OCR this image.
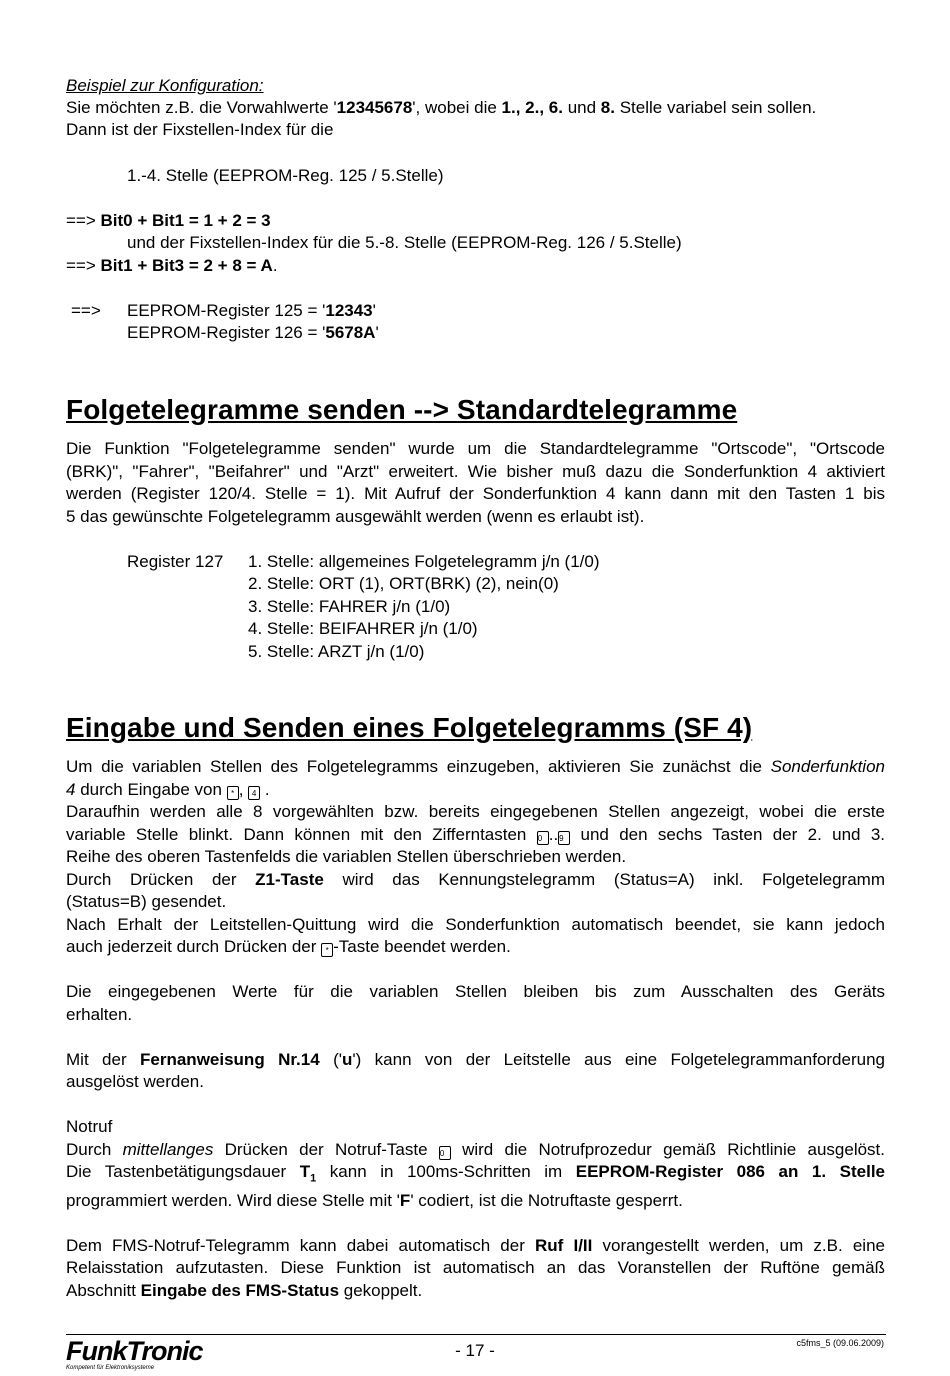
Beispiel zur Konfiguration:
Sie möchten z.B. die Vorwahlwerte '12345678', wobei die 1., 2., 6. und 8. Stelle variabel sein sollen.
Dann ist der Fixstellen-Index für die
1.-4. Stelle (EEPROM-Reg. 125 / 5.Stelle)
==> Bit0 + Bit1 = 1 + 2 = 3
und der Fixstellen-Index für die 5.-8. Stelle (EEPROM-Reg. 126 / 5.Stelle)
==> Bit1 + Bit3 = 2 + 8 = A.
==> EEPROM-Register 125 = '12343'
EEPROM-Register 126 = '5678A'
Folgetelegramme senden --> Standardtelegramme
Die Funktion "Folgetelegramme senden" wurde um die Standardtelegramme "Ortscode", "Ortscode
(BRK)", "Fahrer", "Beifahrer" und "Arzt" erweitert. Wie bisher muß dazu die Sonderfunktion 4 aktiviert
werden (Register 120/4. Stelle = 1). Mit Aufruf der Sonderfunktion 4 kann dann mit den Tasten 1 bis
5 das gewünschte Folgetelegramm ausgewählt werden (wenn es erlaubt ist).
Register 127 1. Stelle: allgemeines Folgetelegramm j/n (1/0)
2. Stelle: ORT (1), ORT(BRK) (2), nein(0)
3. Stelle: FAHRER j/n (1/0)
4. Stelle: BEIFAHRER j/n (1/0)
5. Stelle: ARZT j/n (1/0)
Eingabe und Senden eines Folgetelegramms (SF 4)
Um die variablen Stellen des Folgetelegramms einzugeben, aktivieren Sie zunächst die Sonderfunktion
4 durch Eingabe von * , 4 .
Daraufhin werden alle 8 vorgewählten bzw. bereits eingegebenen Stellen angezeigt, wobei die erste
variable Stelle blinkt. Dann können mit den Zifferntasten 0 ..9 und den sechs Tasten der 2. und 3.
Reihe des oberen Tastenfelds die variablen Stellen überschrieben werden.
Durch Drücken der Z1-Taste wird das Kennungstelegramm (Status=A) inkl. Folgetelegramm
(Status=B) gesendet.
Nach Erhalt der Leitstellen-Quittung wird die Sonderfunktion automatisch beendet, sie kann jedoch
auch jederzeit durch Drücken der * -Taste beendet werden.
Die eingegebenen Werte für die variablen Stellen bleiben bis zum Ausschalten des Geräts
erhalten.
Mit der Fernanweisung Nr.14 ('u') kann von der Leitstelle aus eine Folgetelegrammanforderung
ausgelöst werden.
Notruf
Durch mittellanges Drücken der Notruf-Taste 0 wird die Notrufprozedur gemäß Richtlinie ausgelöst.
Die Tastenbetätigungsdauer $T_1$ kann in 100ms-Schritten im EEPROM-Register 086 an 1. Stelle
programmiert werden. Wird diese Stelle mit 'F' codiert, ist die Notruftaste gesperrt.
Dem FMS-Notruf-Telegramm kann dabei automatisch der Ruf I/II vorangestellt werden, um z.B. eine
Relaisstation aufzutasten. Diese Funktion ist automatisch an das Voranstellen der Ruftöne gemäß
Abschnitt Eingabe des FMS-Status gekoppelt.
FunkTronic
Kompetent für Elektroniksysteme
- 17 -	c5fms_5 (09.06.2009)
